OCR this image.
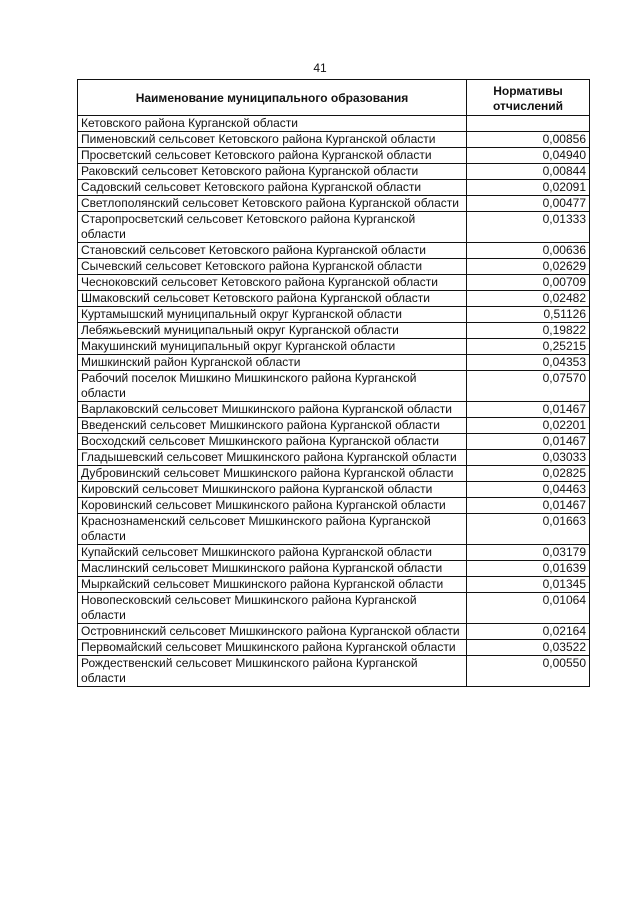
41
Наименование муниципального образования	Нормативы отчислений
Кетовского района Курганской области	
Пименовский сельсовет Кетовского района Курганской области	0,00856
Просветский сельсовет Кетовского района Курганской области	0,04940
Раковский сельсовет Кетовского района Курганской области	0,00844
Садовский сельсовет Кетовского района Курганской области	0,02091
Светлополянский сельсовет Кетовского района Курганской области	0,00477
Старопросветский сельсовет Кетовского района Курганской области	0,01333
Становский сельсовет Кетовского района Курганской области	0,00636
Сычевский сельсовет Кетовского района Курганской области	0,02629
Чесноковский сельсовет Кетовского района Курганской области	0,00709
Шмаковский сельсовет Кетовского района Курганской области	0,02482
Куртамышский муниципальный округ Курганской области	0,51126
Лебяжьевский муниципальный округ Курганской области	0,19822
Макушинский муниципальный округ Курганской области	0,25215
Мишкинский район Курганской области	0,04353
Рабочий поселок Мишкино Мишкинского района Курганской области	0,07570
Варлаковский сельсовет Мишкинского района Курганской области	0,01467
Введенский сельсовет Мишкинского района Курганской области	0,02201
Восходский сельсовет Мишкинского района Курганской области	0,01467
Гладышевский сельсовет Мишкинского района Курганской области	0,03033
Дубровинский сельсовет Мишкинского района Курганской области	0,02825
Кировский сельсовет Мишкинского района Курганской области	0,04463
Коровинский сельсовет Мишкинского района Курганской области	0,01467
Краснознаменский сельсовет Мишкинского района Курганской области	0,01663
Купайский сельсовет Мишкинского района Курганской области	0,03179
Маслинский сельсовет Мишкинского района Курганской области	0,01639
Мыркайский сельсовет Мишкинского района Курганской области	0,01345
Новопесковский сельсовет Мишкинского района Курганской области	0,01064
Островнинский сельсовет Мишкинского района Курганской области	0,02164
Первомайский сельсовет Мишкинского района Курганской области	0,03522
Рождественский сельсовет Мишкинского района Курганской области	0,00550
